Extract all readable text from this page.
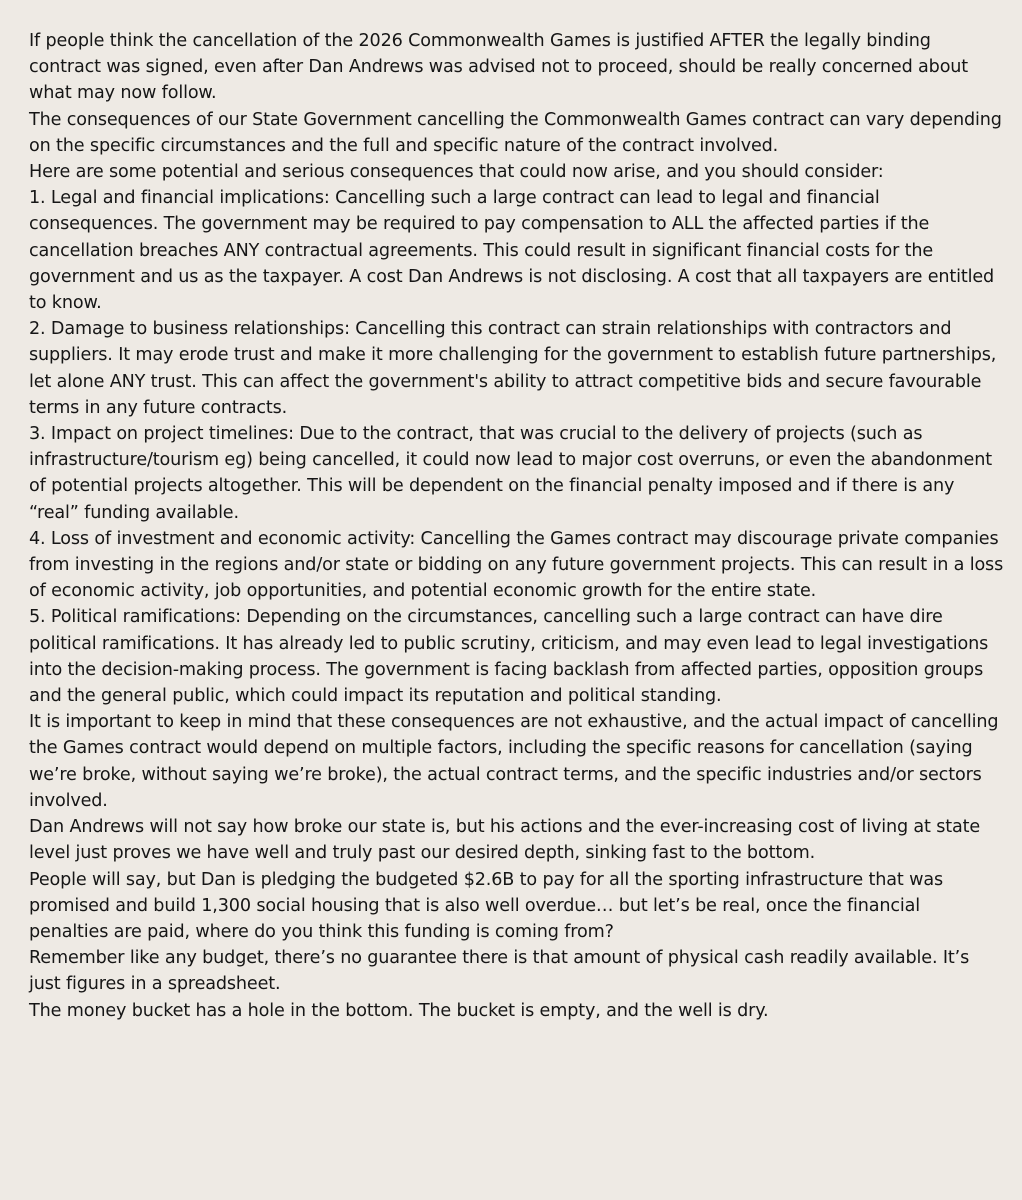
If people think the cancellation of the 2026 Commonwealth Games is justified AFTER the legally binding contract was signed, even after Dan Andrews was advised not to proceed, should be really concerned about what may now follow.

The consequences of our State Government cancelling the Commonwealth Games contract can vary depending on the specific circumstances and the full and specific nature of the contract involved.

Here are some potential and serious consequences that could now arise, and you should consider:

1. Legal and financial implications: Cancelling such a large contract can lead to legal and financial consequences. The government may be required to pay compensation to ALL the affected parties if the cancellation breaches ANY contractual agreements. This could result in significant financial costs for the government and us as the taxpayer. A cost Dan Andrews is not disclosing. A cost that all taxpayers are entitled to know.

2. Damage to business relationships: Cancelling this contract can strain relationships with contractors and suppliers. It may erode trust and make it more challenging for the government to establish future partnerships, let alone ANY trust. This can affect the government's ability to attract competitive bids and secure favourable terms in any future contracts.

3. Impact on project timelines: Due to the contract, that was crucial to the delivery of projects (such as infrastructure/tourism eg) being cancelled, it could now lead to major cost overruns, or even the abandonment of potential projects altogether. This will be dependent on the financial penalty imposed and if there is any “real” funding available.

4. Loss of investment and economic activity: Cancelling the Games contract may discourage private companies from investing in the regions and/or state or bidding on any future government projects. This can result in a loss of economic activity, job opportunities, and potential economic growth for the entire state.

5. Political ramifications: Depending on the circumstances, cancelling such a large contract can have dire political ramifications. It has already led to public scrutiny, criticism, and may even lead to legal investigations into the decision-making process. The government is facing backlash from affected parties, opposition groups and the general public, which could impact its reputation and political standing.

It is important to keep in mind that these consequences are not exhaustive, and the actual impact of cancelling the Games contract would depend on multiple factors, including the specific reasons for cancellation (saying we’re broke, without saying we’re broke), the actual contract terms, and the specific industries and/or sectors involved.

Dan Andrews will not say how broke our state is, but his actions and the ever-increasing cost of living at state level just proves we have well and truly past our desired depth, sinking fast to the bottom.

People will say, but Dan is pledging the budgeted $2.6B to pay for all the sporting infrastructure that was promised and build 1,300 social housing that is also well overdue… but let’s be real, once the financial penalties are paid, where do you think this funding is coming from?

Remember like any budget, there’s no guarantee there is that amount of physical cash readily available. It’s just figures in a spreadsheet.

The money bucket has a hole in the bottom. The bucket is empty, and the well is dry.
